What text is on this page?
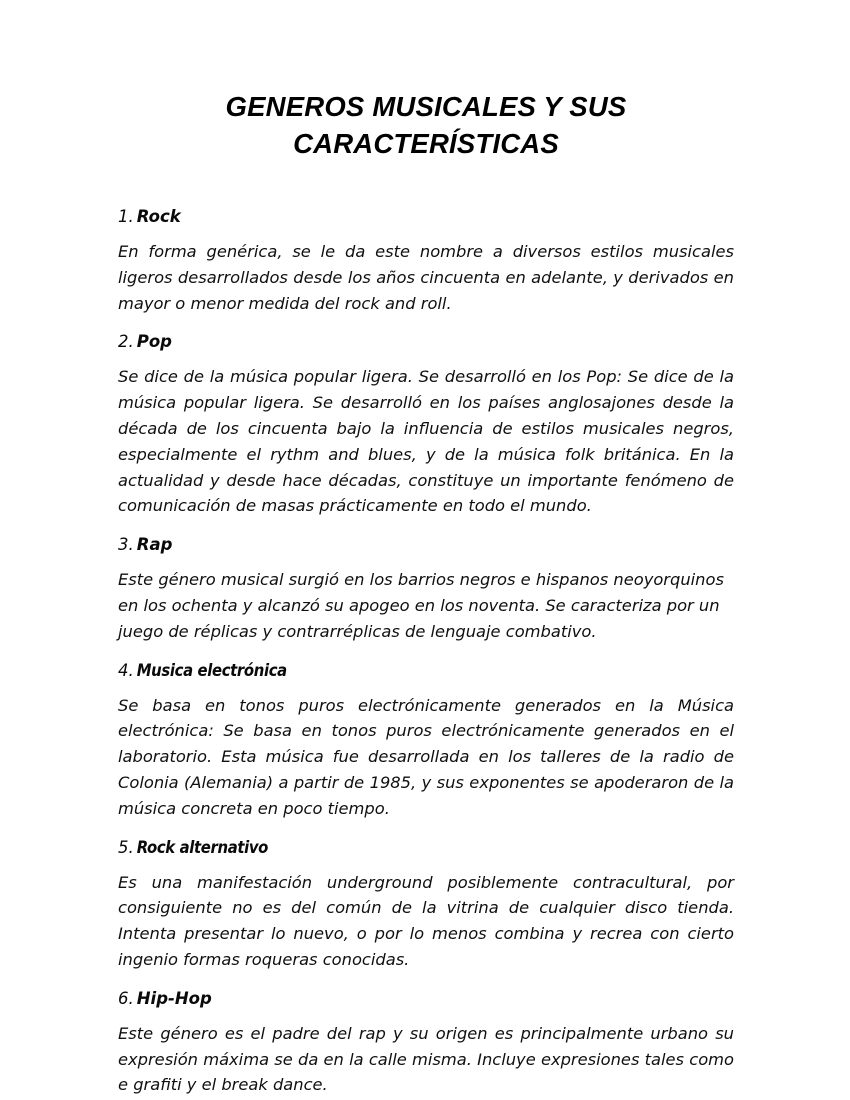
GENEROS MUSICALES Y SUS
CARACTERÍSTICAS

1. Rock

En forma genérica, se le da este nombre a diversos estilos musicales ligeros desarrollados desde los años cincuenta en adelante, y derivados en mayor o menor medida del rock and roll.

2. Pop

Se dice de la música popular ligera. Se desarrolló en los Pop: Se dice de la música popular ligera. Se desarrolló en los países anglosajones desde la década de los cincuenta bajo la influencia de estilos musicales negros, especialmente el rythm and blues, y de la música folk británica. En la actualidad y desde hace décadas, constituye un importante fenómeno de comunicación de masas prácticamente en todo el mundo.

3. Rap

Este género musical surgió en los barrios negros e hispanos neoyorquinos en los ochenta y alcanzó su apogeo en los noventa. Se caracteriza por un juego de réplicas y contrarréplicas de lenguaje combativo.

4. Musica electrónica

Se basa en tonos puros electrónicamente generados en la Música electrónica: Se basa en tonos puros electrónicamente generados en el laboratorio. Esta música fue desarrollada en los talleres de la radio de Colonia (Alemania) a partir de 1985, y sus exponentes se apoderaron de la música concreta en poco tiempo.

5. Rock alternativo

Es una manifestación underground posiblemente contracultural, por consiguiente no es del común de la vitrina de cualquier disco tienda. Intenta presentar lo nuevo, o por lo menos combina y recrea con cierto ingenio formas roqueras conocidas.

6. Hip-Hop

Este género es el padre del rap y su origen es principalmente urbano su expresión máxima se da en la calle misma. Incluye expresiones tales como e grafiti y el break dance.
